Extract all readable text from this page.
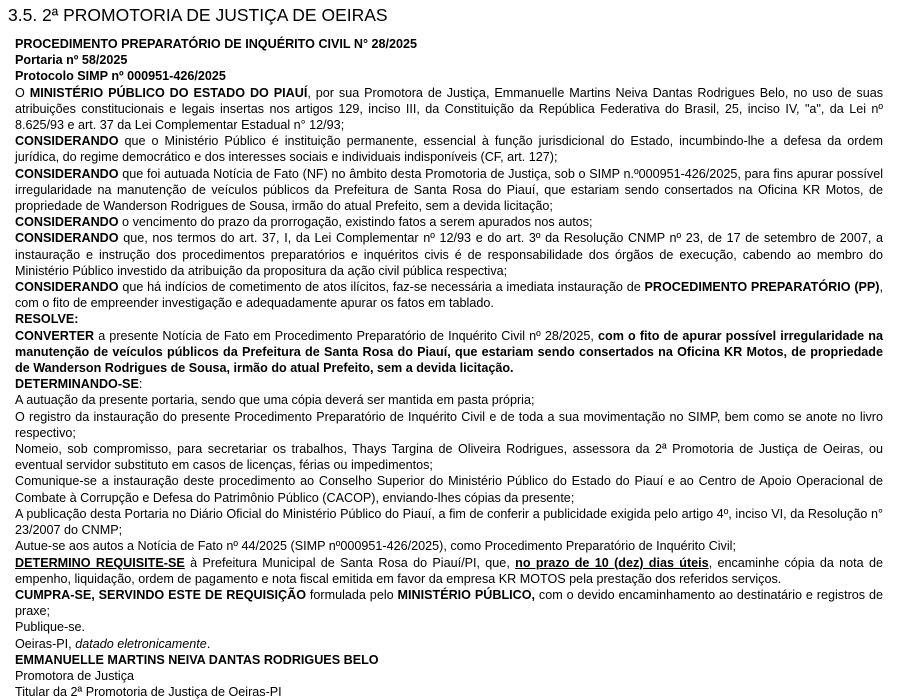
3.5. 2ª PROMOTORIA DE JUSTIÇA DE OEIRAS

PROCEDIMENTO PREPARATÓRIO DE INQUÉRITO CIVIL N° 28/2025

Portaria nº 58/2025

Protocolo SIMP nº 000951-426/2025

O MINISTÉRIO PÚBLICO DO ESTADO DO PIAUÍ, por sua Promotora de Justiça, Emmanuelle Martins Neiva Dantas Rodrigues Belo, no uso de suas atribuições constitucionais e legais insertas nos artigos 129, inciso III, da Constituição da República Federativa do Brasil, 25, inciso IV, "a", da Lei nº 8.625/93 e art. 37 da Lei Complementar Estadual n° 12/93;

CONSIDERANDO que o Ministério Público é instituição permanente, essencial à função jurisdicional do Estado, incumbindo-lhe a defesa da ordem jurídica, do regime democrático e dos interesses sociais e individuais indisponíveis (CF, art. 127);

CONSIDERANDO que foi autuada Notícia de Fato (NF) no âmbito desta Promotoria de Justiça, sob o SIMP n.º000951-426/2025, para fins apurar possível irregularidade na manutenção de veículos públicos da Prefeitura de Santa Rosa do Piauí, que estariam sendo consertados na Oficina KR Motos, de propriedade de Wanderson Rodrigues de Sousa, irmão do atual Prefeito, sem a devida licitação;

CONSIDERANDO o vencimento do prazo da prorrogação, existindo fatos a serem apurados nos autos;

CONSIDERANDO que, nos termos do art. 37, I, da Lei Complementar nº 12/93 e do art. 3º da Resolução CNMP nº 23, de 17 de setembro de 2007, a instauração e instrução dos procedimentos preparatórios e inquéritos civis é de responsabilidade dos órgãos de execução, cabendo ao membro do Ministério Público investido da atribuição da propositura da ação civil pública respectiva;

CONSIDERANDO que há indícios de cometimento de atos ilícitos, faz-se necessária a imediata instauração de PROCEDIMENTO PREPARATÓRIO (PP), com o fito de empreender investigação e adequadamente apurar os fatos em tablado.

RESOLVE:

CONVERTER a presente Notícia de Fato em Procedimento Preparatório de Inquérito Civil nº 28/2025, com o fito de apurar possível irregularidade na manutenção de veículos públicos da Prefeitura de Santa Rosa do Piauí, que estariam sendo consertados na Oficina KR Motos, de propriedade de Wanderson Rodrigues de Sousa, irmão do atual Prefeito, sem a devida licitação.

DETERMINANDO-SE:

A autuação da presente portaria, sendo que uma cópia deverá ser mantida em pasta própria;

O registro da instauração do presente Procedimento Preparatório de Inquérito Civil e de toda a sua movimentação no SIMP, bem como se anote no livro respectivo;

Nomeio, sob compromisso, para secretariar os trabalhos, Thays Targina de Oliveira Rodrigues, assessora da 2ª Promotoria de Justiça de Oeiras, ou eventual servidor substituto em casos de licenças, férias ou impedimentos;

Comunique-se a instauração deste procedimento ao Conselho Superior do Ministério Público do Estado do Piauí e ao Centro de Apoio Operacional de Combate à Corrupção e Defesa do Patrimônio Público (CACOP), enviando-lhes cópias da presente;

A publicação desta Portaria no Diário Oficial do Ministério Público do Piauí, a fim de conferir a publicidade exigida pelo artigo 4º, inciso VI, da Resolução n° 23/2007 do CNMP;

Autue-se aos autos a Notícia de Fato nº 44/2025 (SIMP nº000951-426/2025), como Procedimento Preparatório de Inquérito Civil;

DETERMINO REQUISITE-SE à Prefeitura Municipal de Santa Rosa do Piauí/PI, que, no prazo de 10 (dez) dias úteis, encaminhe cópia da nota de empenho, liquidação, ordem de pagamento e nota fiscal emitida em favor da empresa KR MOTOS pela prestação dos referidos serviços.

CUMPRA-SE, SERVINDO ESTE DE REQUISIÇÃO formulada pelo MINISTÉRIO PÚBLICO, com o devido encaminhamento ao destinatário e registros de praxe;

Publique-se.

Oeiras-PI, datado eletronicamente.

EMMANUELLE MARTINS NEIVA DANTAS RODRIGUES BELO

Promotora de Justiça

Titular da 2ª Promotoria de Justiça de Oeiras-PI
